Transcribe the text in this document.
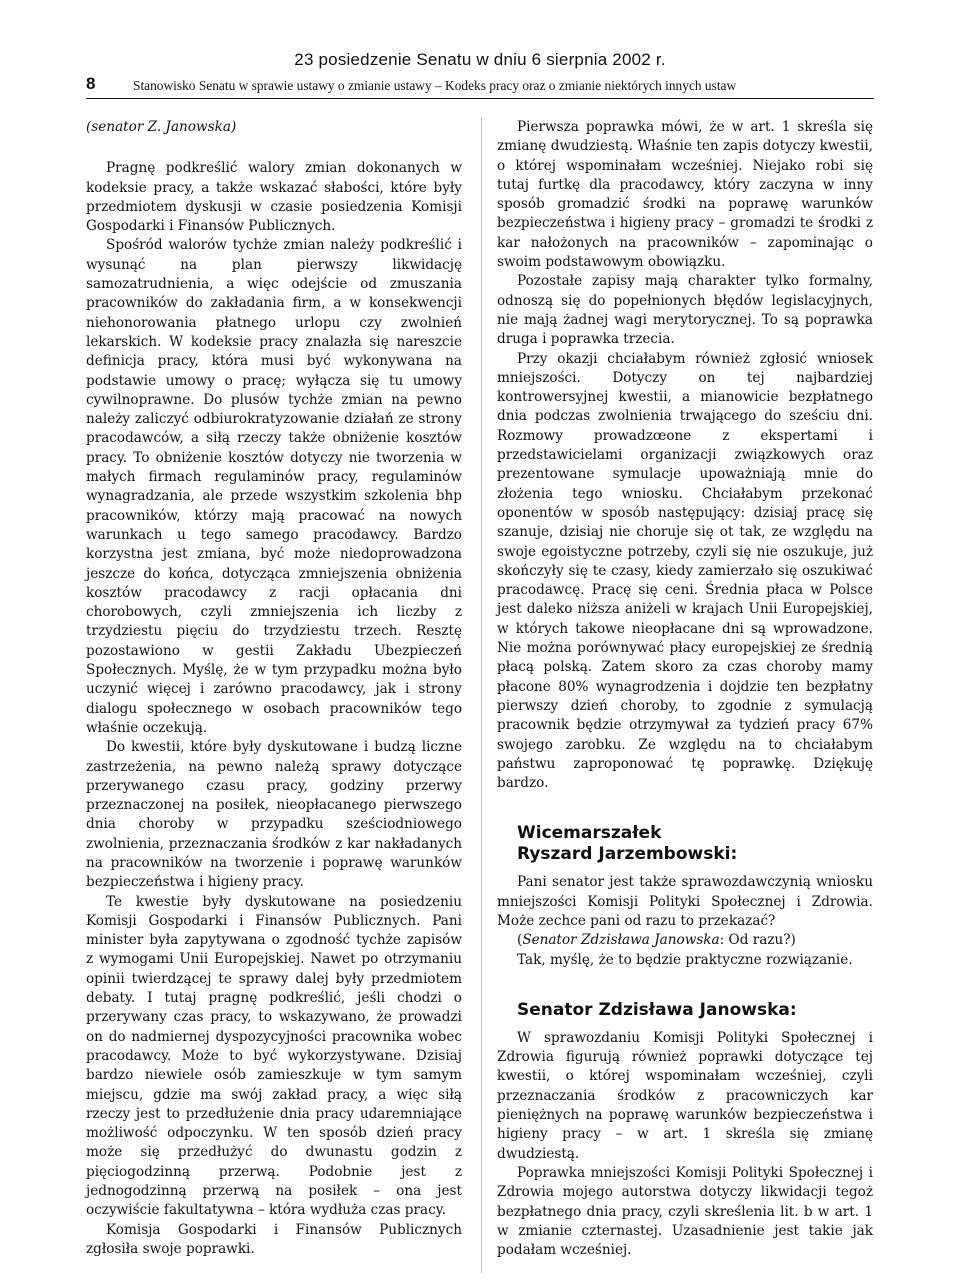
23 posiedzenie Senatu w dniu 6 sierpnia 2002 r.
8	Stanowisko Senatu w sprawie ustawy o zmianie ustawy – Kodeks pracy oraz o zmianie niektórych innych ustaw
(senator Z. Janowska)

Pragnę podkreślić walory zmian dokonanych w kodeksie pracy, a także wskazać słabości, które były przedmiotem dyskusji w czasie posiedzenia Komisji Gospodarki i Finansów Publicznych.

Spośród walorów tychże zmian należy podkreślić i wysunąć na plan pierwszy likwidację samozatrudnienia, a więc odejście od zmuszania pracowników do zakładania firm, a w konsekwencji niehonorowania płatnego urlopu czy zwolnień lekarskich. W kodeksie pracy znalazła się nareszcie definicja pracy, która musi być wykonywana na podstawie umowy o pracę; wyłącza się tu umowy cywilnoprawne. Do plusów tychże zmian na pewno należy zaliczyć odbiurokratyzowanie działań ze strony pracodawców, a siłą rzeczy także obniżenie kosztów pracy. To obniżenie kosztów dotyczy nie tworzenia w małych firmach regulaminów pracy, regulaminów wynagradzania, ale przede wszystkim szkolenia bhp pracowników, którzy mają pracować na nowych warunkach u tego samego pracodawcy. Bardzo korzystna jest zmiana, być może niedoprowadzona jeszcze do końca, dotycząca zmniejszenia obniżenia kosztów pracodawcy z racji opłacania dni chorobowych, czyli zmniejszenia ich liczby z trzydziestu pięciu do trzydziestu trzech. Resztę pozostawiono w gestii Zakładu Ubezpieczeń Społecznych. Myślę, że w tym przypadku można było uczynić więcej i zarówno pracodawcy, jak i strony dialogu społecznego w osobach pracowników tego właśnie oczekują.

Do kwestii, które były dyskutowane i budzą liczne zastrzeżenia, na pewno należą sprawy dotyczące przerywanego czasu pracy, godziny przerwy przeznaczonej na posiłek, nieopłacanego pierwszego dnia choroby w przypadku sześciodniowego zwolnienia, przeznaczania środków z kar nakładanych na pracowników na tworzenie i poprawę warunków bezpieczeństwa i higieny pracy.

Te kwestie były dyskutowane na posiedzeniu Komisji Gospodarki i Finansów Publicznych. Pani minister była zapytywana o zgodność tychże zapisów z wymogami Unii Europejskiej. Nawet po otrzymaniu opinii twierdzącej te sprawy dalej były przedmiotem debaty. I tutaj pragnę podkreślić, jeśli chodzi o przerywany czas pracy, to wskazywano, że prowadzi on do nadmiernej dyspozycyjności pracownika wobec pracodawcy. Może to być wykorzystywane. Dzisiaj bardzo niewiele osób zamieszkuje w tym samym miejscu, gdzie ma swój zakład pracy, a więc siłą rzeczy jest to przedłużenie dnia pracy udaremniające możliwość odpoczynku. W ten sposób dzień pracy może się przedłużyć do dwunastu godzin z pięciogodzinną przerwą. Podobnie jest z jednogodzinną przerwą na posiłek – ona jest oczywiście fakultatywna – która wydłuża czas pracy.

Komisja Gospodarki i Finansów Publicznych zgłosiła swoje poprawki.

Pierwsza poprawka mówi, że w art. 1 skreśla się zmianę dwudziestą. Właśnie ten zapis dotyczy kwestii, o której wspominałam wcześniej. Niejako robi się tutaj furtkę dla pracodawcy, który zaczyna w inny sposób gromadzić środki na poprawę warunków bezpieczeństwa i higieny pracy – gromadzi te środki z kar nałożonych na pracowników – zapominając o swoim podstawowym obowiązku.

Pozostałe zapisy mają charakter tylko formalny, odnoszą się do popełnionych błędów legislacyjnych, nie mają żadnej wagi merytorycznej. To są poprawka druga i poprawka trzecia.

Przy okazji chciałabym również zgłosić wniosek mniejszości. Dotyczy on tej najbardziej kontrowersyjnej kwestii, a mianowicie bezpłatnego dnia podczas zwolnienia trwającego do sześciu dni. Rozmowy prowadzœone z ekspertami i przedstawicielami organizacji związkowych oraz prezentowane symulacje upoważniają mnie do złożenia tego wniosku. Chciałabym przekonać oponentów w sposób następujący: dzisiaj pracę się szanuje, dzisiaj nie choruje się ot tak, ze względu na swoje egoistyczne potrzeby, czyli się nie oszukuje, już skończyły się te czasy, kiedy zamierzało się oszukiwać pracodawcę. Pracę się ceni. Średnia płaca w Polsce jest daleko niższa aniżeli w krajach Unii Europejskiej, w których takowe nieopłacane dni są wprowadzone. Nie można porównywać płacy europejskiej ze średnią płacą polską. Zatem skoro za czas choroby mamy płacone 80% wynagrodzenia i dojdzie ten bezpłatny pierwszy dzień choroby, to zgodnie z symulacją pracownik będzie otrzymywał za tydzień pracy 67% swojego zarobku. Ze względu na to chciałabym państwu zaproponować tę poprawkę. Dziękuję bardzo.

Wicemarszałek
Ryszard Jarzembowski:

Pani senator jest także sprawozdawczynią wniosku mniejszości Komisji Polityki Społecznej i Zdrowia. Może zechce pani od razu to przekazać?

(Senator Zdzisława Janowska: Od razu?)

Tak, myślę, że to będzie praktyczne rozwiązanie.

Senator Zdzisława Janowska:

W sprawozdaniu Komisji Polityki Społecznej i Zdrowia figurują również poprawki dotyczące tej kwestii, o której wspominałam wcześniej, czyli przeznaczania środków z pracowniczych kar pieniężnych na poprawę warunków bezpieczeństwa i higieny pracy – w art. 1 skreśla się zmianę dwudziestą.

Poprawka mniejszości Komisji Polityki Społecznej i Zdrowia mojego autorstwa dotyczy likwidacji tegoż bezpłatnego dnia pracy, czyli skreślenia lit. b w art. 1 w zmianie czternastej. Uzasadnienie jest takie jak podałam wcześniej.
